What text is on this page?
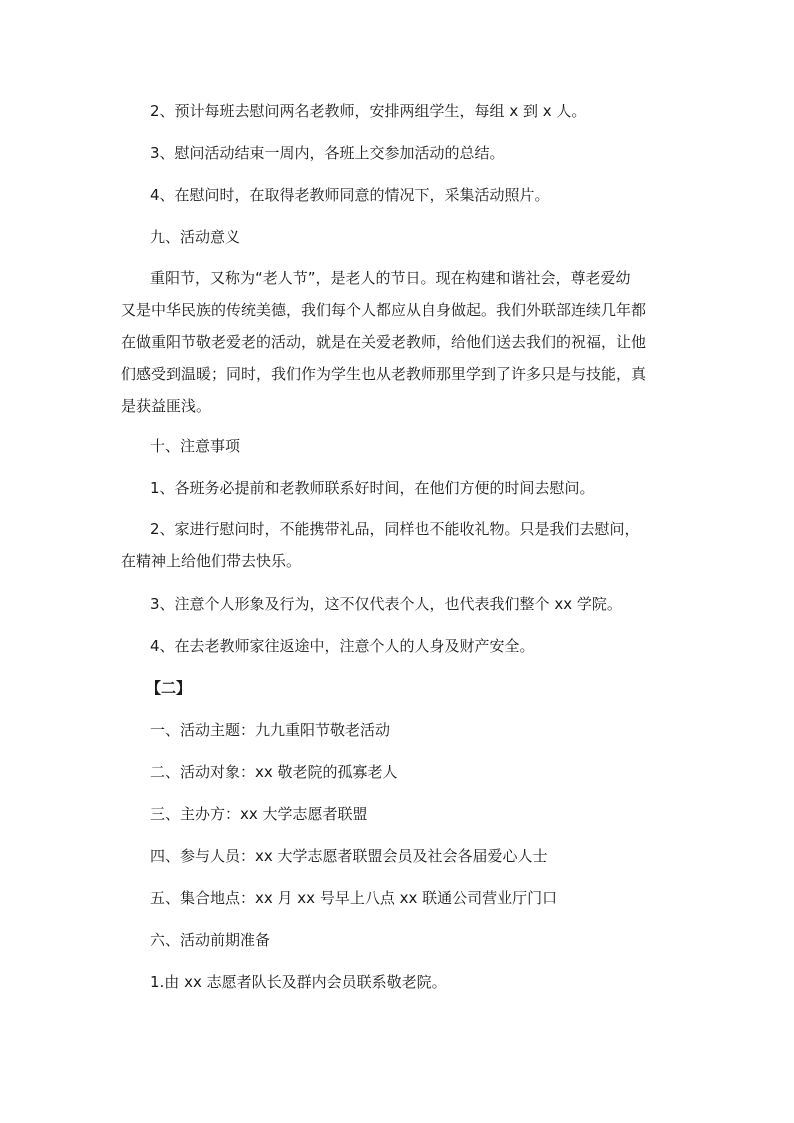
2、预计每班去慰问两名老教师，安排两组学生，每组 x 到 x 人。

3、慰问活动结束一周内，各班上交参加活动的总结。

4、在慰问时，在取得老教师同意的情况下，采集活动照片。

九、活动意义

重阳节，又称为“老人节”，是老人的节日。现在构建和谐社会，尊老爱幼
又是中华民族的传统美德，我们每个人都应从自身做起。我们外联部连续几年都
在做重阳节敬老爱老的活动，就是在关爱老教师，给他们送去我们的祝福，让他
们感受到温暖；同时，我们作为学生也从老教师那里学到了许多只是与技能，真
是获益匪浅。

十、注意事项

1、各班务必提前和老教师联系好时间，在他们方便的时间去慰问。

2、家进行慰问时，不能携带礼品，同样也不能收礼物。只是我们去慰问，
在精神上给他们带去快乐。

3、注意个人形象及行为，这不仅代表个人，也代表我们整个 xx 学院。

4、在去老教师家往返途中，注意个人的人身及财产安全。

【二】

一、活动主题：九九重阳节敬老活动

二、活动对象：xx 敬老院的孤寡老人

三、主办方：xx 大学志愿者联盟

四、参与人员：xx 大学志愿者联盟会员及社会各届爱心人士

五、集合地点：xx 月 xx 号早上八点 xx 联通公司营业厅门口

六、活动前期准备

1.由 xx 志愿者队长及群内会员联系敬老院。
